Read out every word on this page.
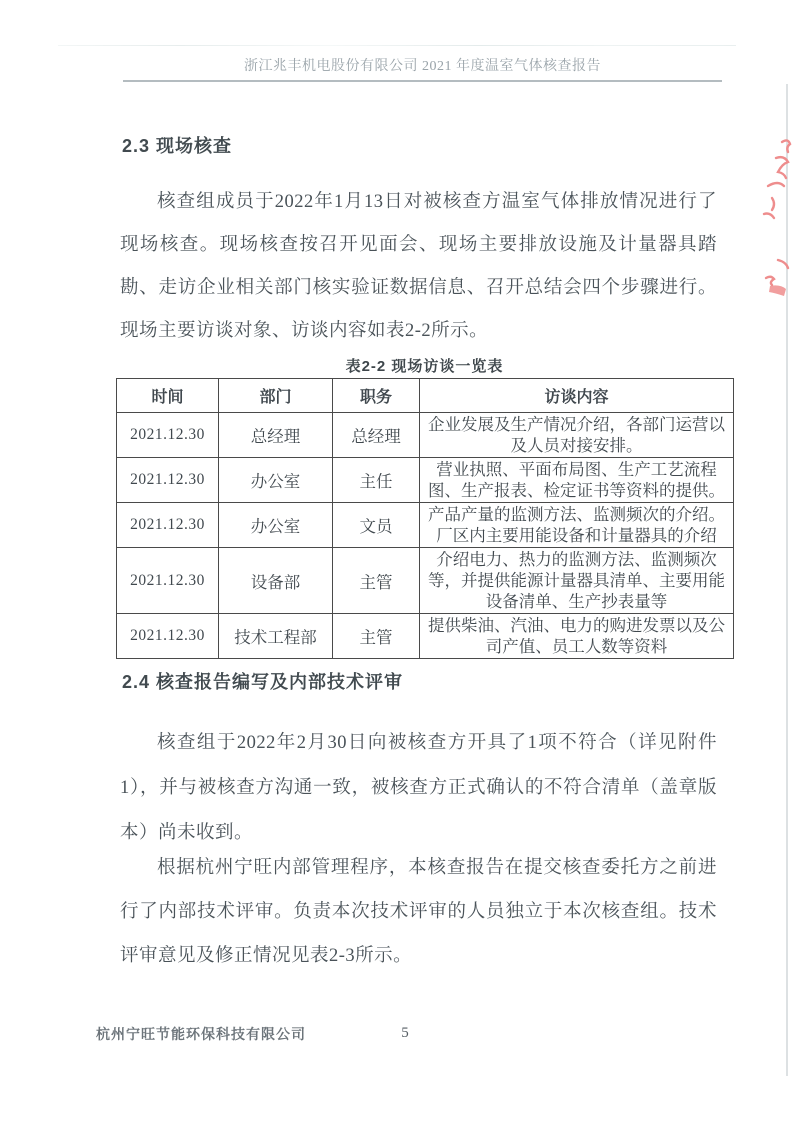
浙江兆丰机电股份有限公司 2021 年度温室气体核查报告
2.3 现场核查
核查组成员于2022年1月13日对被核查方温室气体排放情况进行了现场核查。现场核查按召开见面会、现场主要排放设施及计量器具踏勘、走访企业相关部门核实验证数据信息、召开总结会四个步骤进行。现场主要访谈对象、访谈内容如表2-2所示。
表2-2 现场访谈一览表
时间	部门	职务	访谈内容
2021.12.30	总经理	总经理	企业发展及生产情况介绍，各部门运营以及人员对接安排。
2021.12.30	办公室	主任	营业执照、平面布局图、生产工艺流程图、生产报表、检定证书等资料的提供。
2021.12.30	办公室	文员	产品产量的监测方法、监测频次的介绍。厂区内主要用能设备和计量器具的介绍
2021.12.30	设备部	主管	介绍电力、热力的监测方法、监测频次等，并提供能源计量器具清单、主要用能设备清单、生产抄表量等
2021.12.30	技术工程部	主管	提供柴油、汽油、电力的购进发票以及公司产值、员工人数等资料
2.4 核查报告编写及内部技术评审
核查组于2022年2月30日向被核查方开具了1项不符合（详见附件1），并与被核查方沟通一致，被核查方正式确认的不符合清单（盖章版本）尚未收到。
根据杭州宁旺内部管理程序，本核查报告在提交核查委托方之前进行了内部技术评审。负责本次技术评审的人员独立于本次核查组。技术评审意见及修正情况见表2-3所示。
杭州宁旺节能环保科技有限公司	5
